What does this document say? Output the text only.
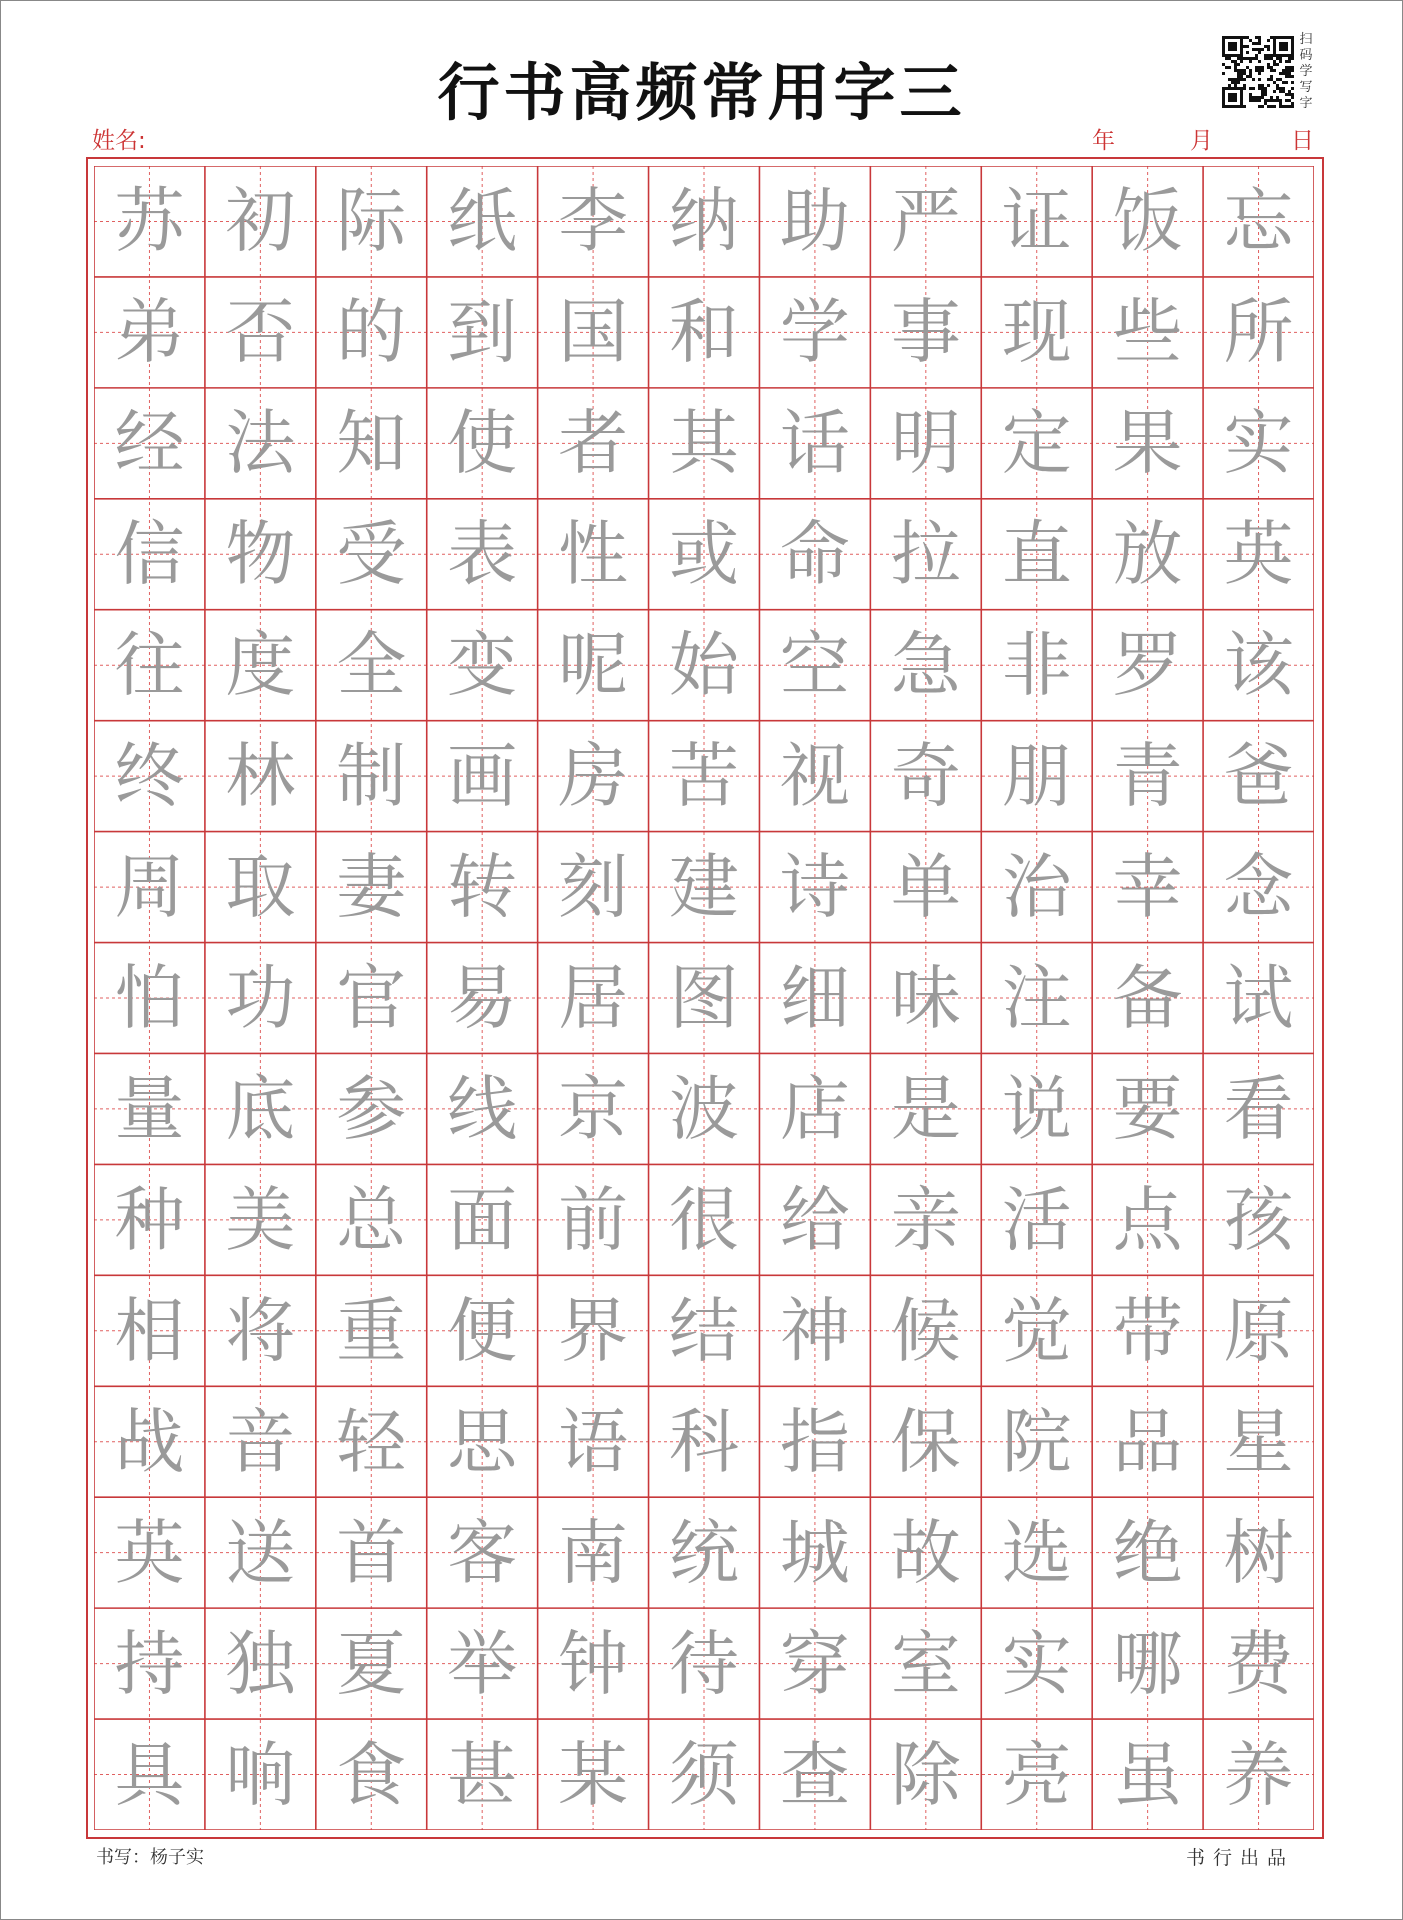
行书高频常用字三
扫码学写字
姓名:	年	月	日
苏 初 际 纸 李 纳 助 严 证 饭 忘
弟 否 的 到 国 和 学 事 现 些 所
经 法 知 使 者 其 话 明 定 果 实
信 物 受 表 性 或 命 拉 直 放 英
往 度 全 变 呢 始 空 急 非 罗 该
终 林 制 画 房 苦 视 奇 朋 青 爸
周 取 妻 转 刻 建 诗 单 治 幸 念
怕 功 官 易 居 图 细 味 注 备 试
量 底 参 线 京 波 店 是 说 要 看
种 美 总 面 前 很 给 亲 活 点 孩
相 将 重 便 界 结 神 候 觉 带 原
战 音 轻 思 语 科 指 保 院 品 星
英 送 首 客 南 统 城 故 选 绝 树
持 独 夏 举 钟 待 穿 室 实 哪 费
具 响 食 甚 某 须 查 除 亮 虽 养
书写：杨子实	书行出品
